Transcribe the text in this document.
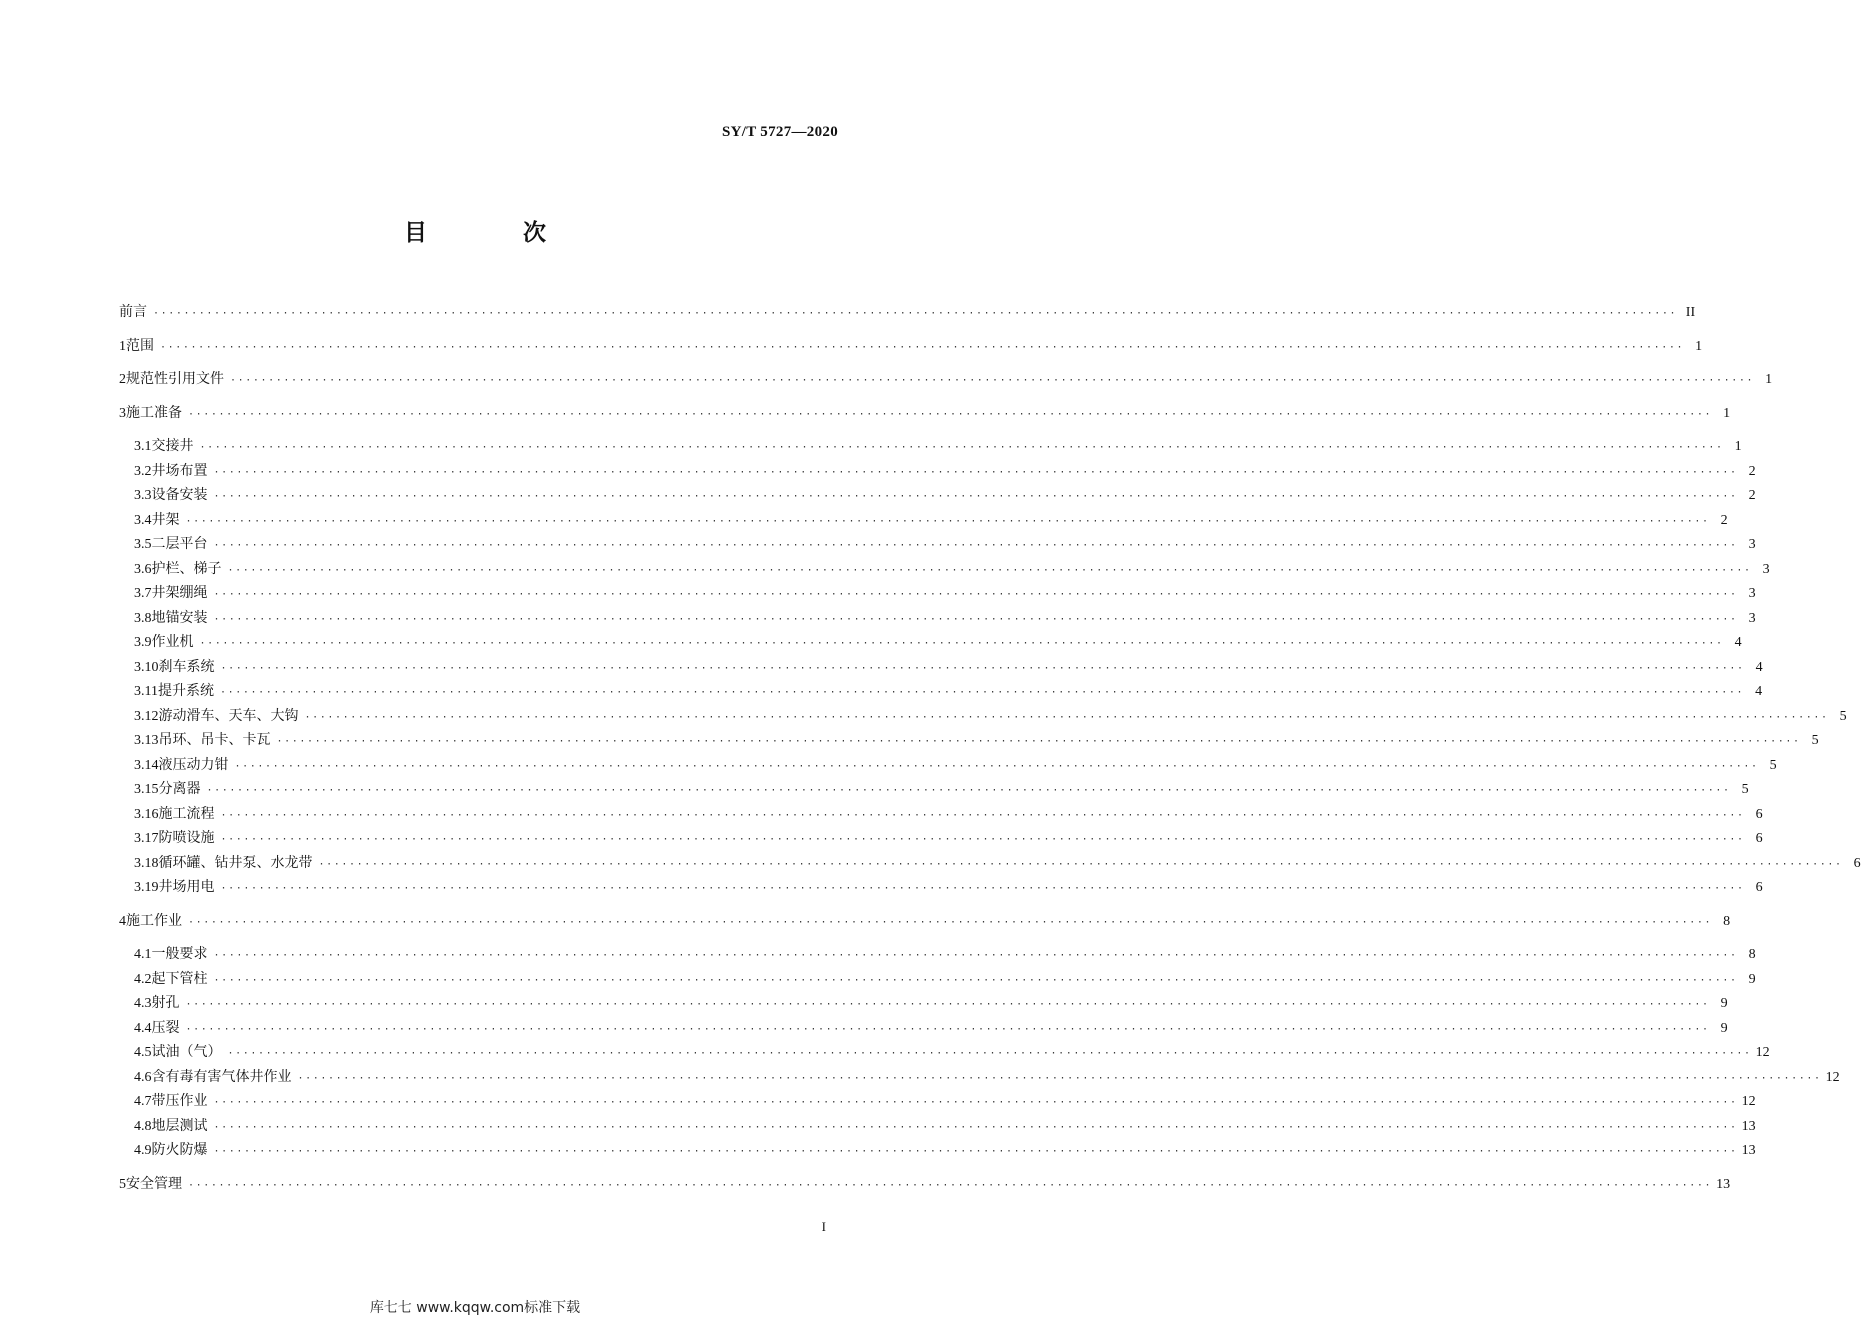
SY/T 5727—2020
目 次
前言 ········································································································································································································ II
1 范围 ········································································································································································································ 1
2 规范性引用文件 ········································································································································································································ 1
3 施工准备 ········································································································································································································ 1
3.1 交接井 ········································································································································································································ 1
3.2 井场布置 ········································································································································································································ 2
3.3 设备安装 ········································································································································································································ 2
3.4 井架 ········································································································································································································ 2
3.5 二层平台 ········································································································································································································ 3
3.6 护栏、梯子 ········································································································································································································ 3
3.7 井架绷绳 ········································································································································································································ 3
3.8 地锚安装 ········································································································································································································ 3
3.9 作业机 ········································································································································································································ 4
3.10 刹车系统 ········································································································································································································ 4
3.11 提升系统 ········································································································································································································ 4
3.12 游动滑车、天车、大钩 ········································································································································································································ 5
3.13 吊环、吊卡、卡瓦 ········································································································································································································ 5
3.14 液压动力钳 ········································································································································································································ 5
3.15 分离器 ········································································································································································································ 5
3.16 施工流程 ········································································································································································································ 6
3.17 防喷设施 ········································································································································································································ 6
3.18 循环罐、钻井泵、水龙带 ········································································································································································································ 6
3.19 井场用电 ········································································································································································································ 6
4 施工作业 ········································································································································································································ 8
4.1 一般要求 ········································································································································································································ 8
4.2 起下管柱 ········································································································································································································ 9
4.3 射孔 ········································································································································································································ 9
4.4 压裂 ········································································································································································································ 9
4.5 试油（气） ········································································································································································································ 12
4.6 含有毒有害气体井作业 ········································································································································································································ 12
4.7 带压作业 ········································································································································································································ 12
4.8 地层测试 ········································································································································································································ 13
4.9 防火防爆 ········································································································································································································ 13
5 安全管理 ········································································································································································································ 13
I
库七七 www.kqqw.com标准下载
